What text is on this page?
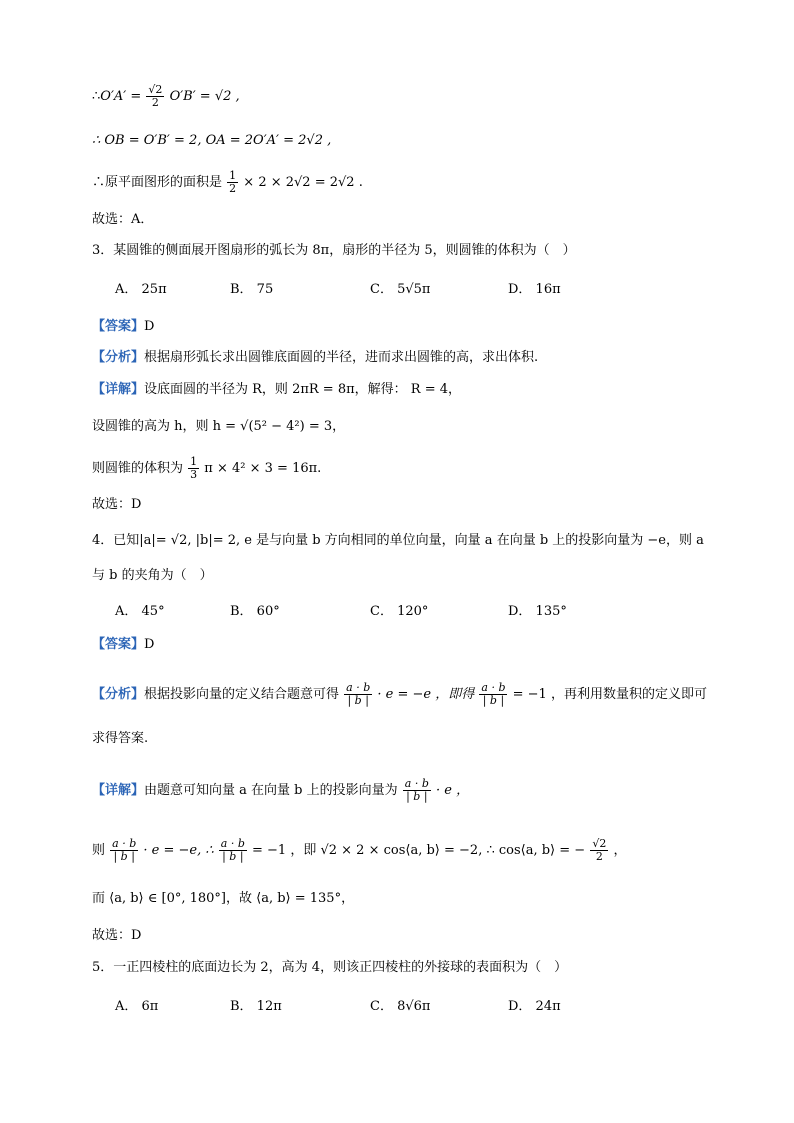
∴O′A′ = $\frac{√2}{2} O'B' = √2$ ,
∴ OB = O′B′ = 2, OA = 2O′A′ = 2√2 ,
∴原平面图形的面积是 $\frac{1}{2} \times 2 \times 2√2 = 2√2$ .
故选：A．
3．某圆锥的侧面展开图扇形的弧长为 8π，扇形的半径为 5，则圆锥的体积为（　）
A． 25π	B． 75	C． 5√5π	D． 16π
【答案】D
【分析】根据扇形弧长求出圆锥底面圆的半径，进而求出圆锥的高，求出体积.
【详解】设底面圆的半径为 R，则 2πR = 8π，解得： R = 4，
设圆锥的高为 h，则 h = √(5² − 4²) = 3，
则圆锥的体积为 $\frac{1}{3}$ π × 4² × 3 = 16π.
故选：D
4．已知|a|= √2, |b|= 2, e 是与向量 b 方向相同的单位向量，向量 a 在向量 b 上的投影向量为 −e，则 a
与 b 的夹角为（　）
A． 45°	B． 60°	C． 120°	D． 135°
【答案】D
【分析】根据投影向量的定义结合题意可得 $\frac{a \cdot b}{| b |} \cdot e = -e$ ，即得 $\frac{a \cdot b}{| b |} = -1$ ，再利用数量积的定义即可
求得答案.
【详解】由题意可知向量 a 在向量 b 上的投影向量为 $\frac{a \cdot b}{| b |} \cdot e$ ，
则 $\frac{a \cdot b}{| b |} \cdot e = -e$, ∴ $\frac{a \cdot b}{| b |} = -1$ ，即 √2 × 2 × cos⟨a, b⟩ = −2, ∴ cos⟨a, b⟩ = − $\frac{√2}{2}$ ，
而 ⟨a, b⟩ ∈ [0°, 180°]，故 ⟨a, b⟩ = 135°，
故选：D
5．一正四棱柱的底面边长为 2，高为 4，则该正四棱柱的外接球的表面积为（　）
A． 6π	B． 12π	C． 8√6π	D． 24π
